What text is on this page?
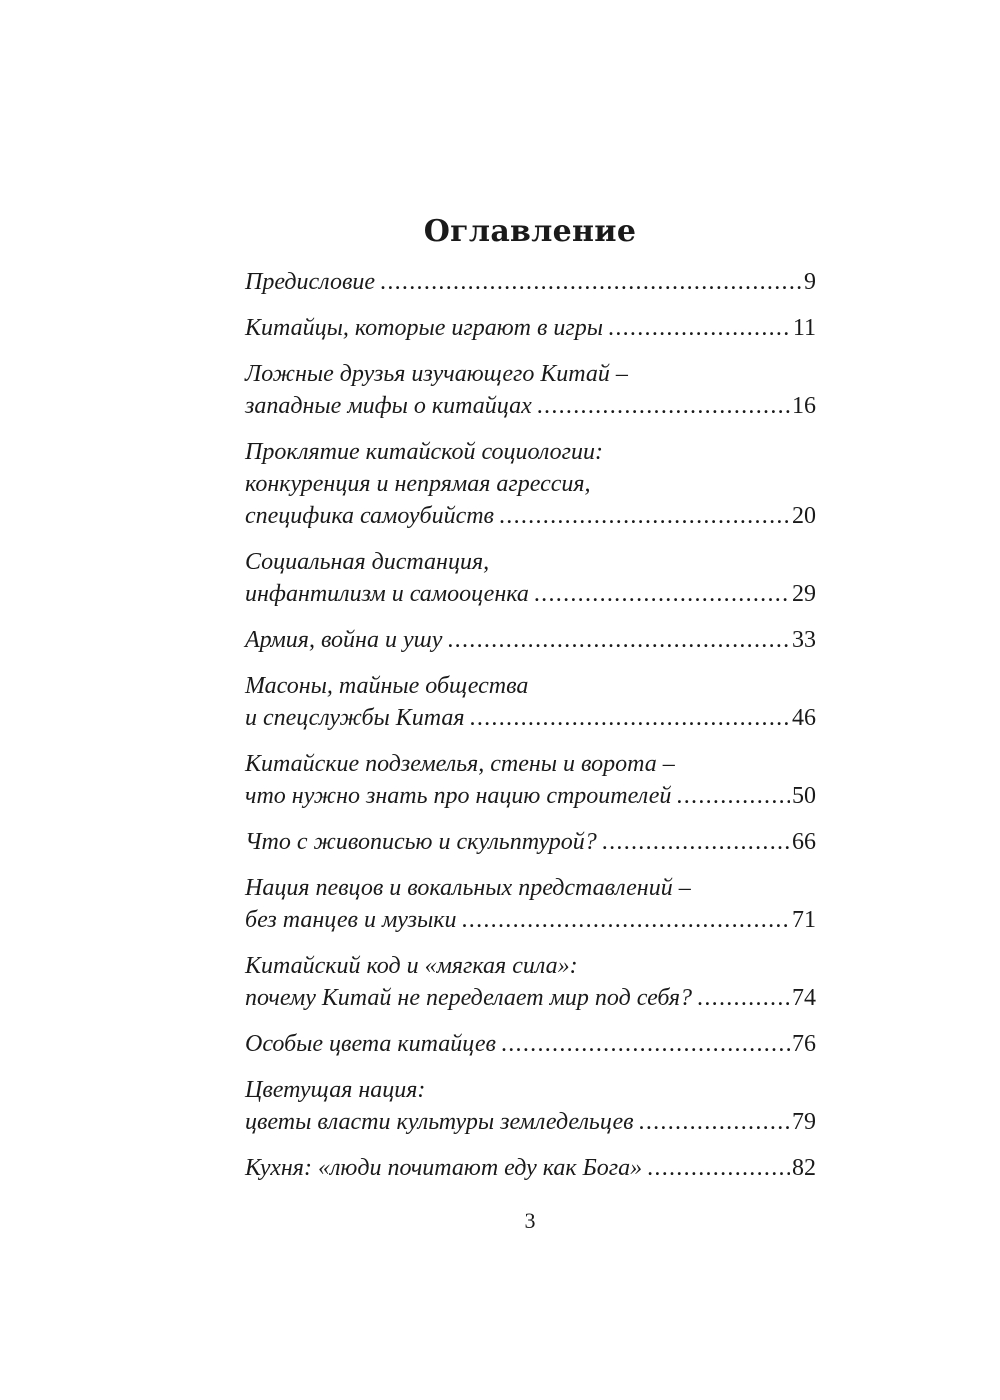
Оглавление
Предисловие .....	9
Китайцы, которые играют в игры .....	11
Ложные друзья изучающего Китай –
западные мифы о китайцах .....	16
Проклятие китайской социологии:
конкуренция и непрямая агрессия,
специфика самоубийств .....	20
Социальная дистанция,
инфантилизм и самооценка .....	29
Армия, война и ушу .....	33
Масоны, тайные общества
и спецслужбы Китая .....	46
Китайские подземелья, стены и ворота –
что нужно знать про нацию строителей .....	50
Что с живописью и скульптурой? .....	66
Нация певцов и вокальных представлений –
без танцев и музыки .....	71
Китайский код и «мягкая сила»:
почему Китай не переделает мир под себя? .....	74
Особые цвета китайцев .....	76
Цветущая нация:
цветы власти культуры земледельцев .....	79
Кухня: «люди почитают еду как Бога» .....	82
3
